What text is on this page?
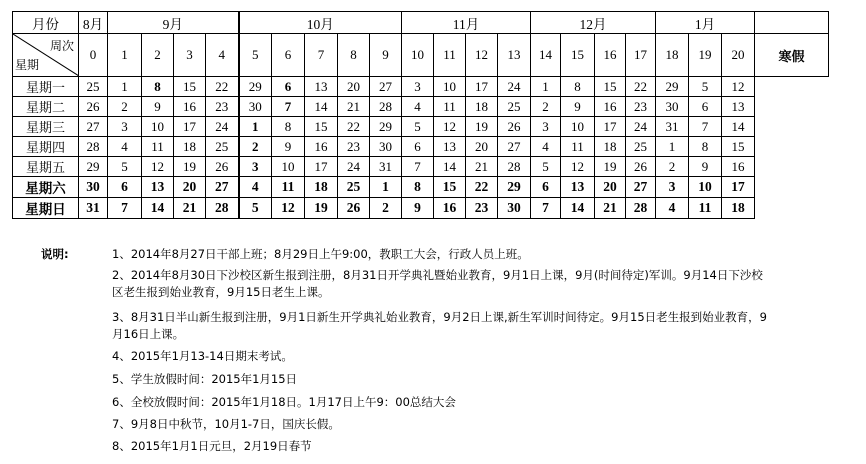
月份	8月	9月				10月					11月				12月				1月			

周次
星期	0	1	2	3	4	5	6	7	8	9	10	11	12	13	14	15	16	17	18	19	20	寒假
星期一	25	1	8	15	22	29	6	13	20	27	3	10	17	24	1	8	15	22	29	5	12	
星期二	26	2	9	16	23	30	7	14	21	28	4	11	18	25	2	9	16	23	30	6	13	
星期三	27	3	10	17	24	1	8	15	22	29	5	12	19	26	3	10	17	24	31	7	14	
星期四	28	4	11	18	25	2	9	16	23	30	6	13	20	27	4	11	18	25	1	8	15	
星期五	29	5	12	19	26	3	10	17	24	31	7	14	21	28	5	12	19	26	2	9	16	
星期六	30	6	13	20	27	4	11	18	25	1	8	15	22	29	6	13	20	27	3	10	17	
星期日	31	7	14	21	28	5	12	19	26	2	9	16	23	30	7	14	21	28	4	11	18	
说明:	1、2014年8月27日干部上班；8月29日上午9:00，教职工大会，行政人员上班。
2、2014年8月30日下沙校区新生报到注册，8月31日开学典礼暨始业教育，9月1日上课，9月(时间待定)军训。9月14日下沙校区老生报到始业教育，9月15日老生上课。
3、8月31日半山新生报到注册，9月1日新生开学典礼始业教育，9月2日上课,新生军训时间待定。9月15日老生报到始业教育，9月16日上课。
4、2015年1月13-14日期末考试。
5、学生放假时间：2015年1月15日
6、全校放假时间：2015年1月18日。1月17日上午9：00总结大会
7、9月8日中秋节，10月1-7日，国庆长假。
8、2015年1月1日元旦，2月19日春节
